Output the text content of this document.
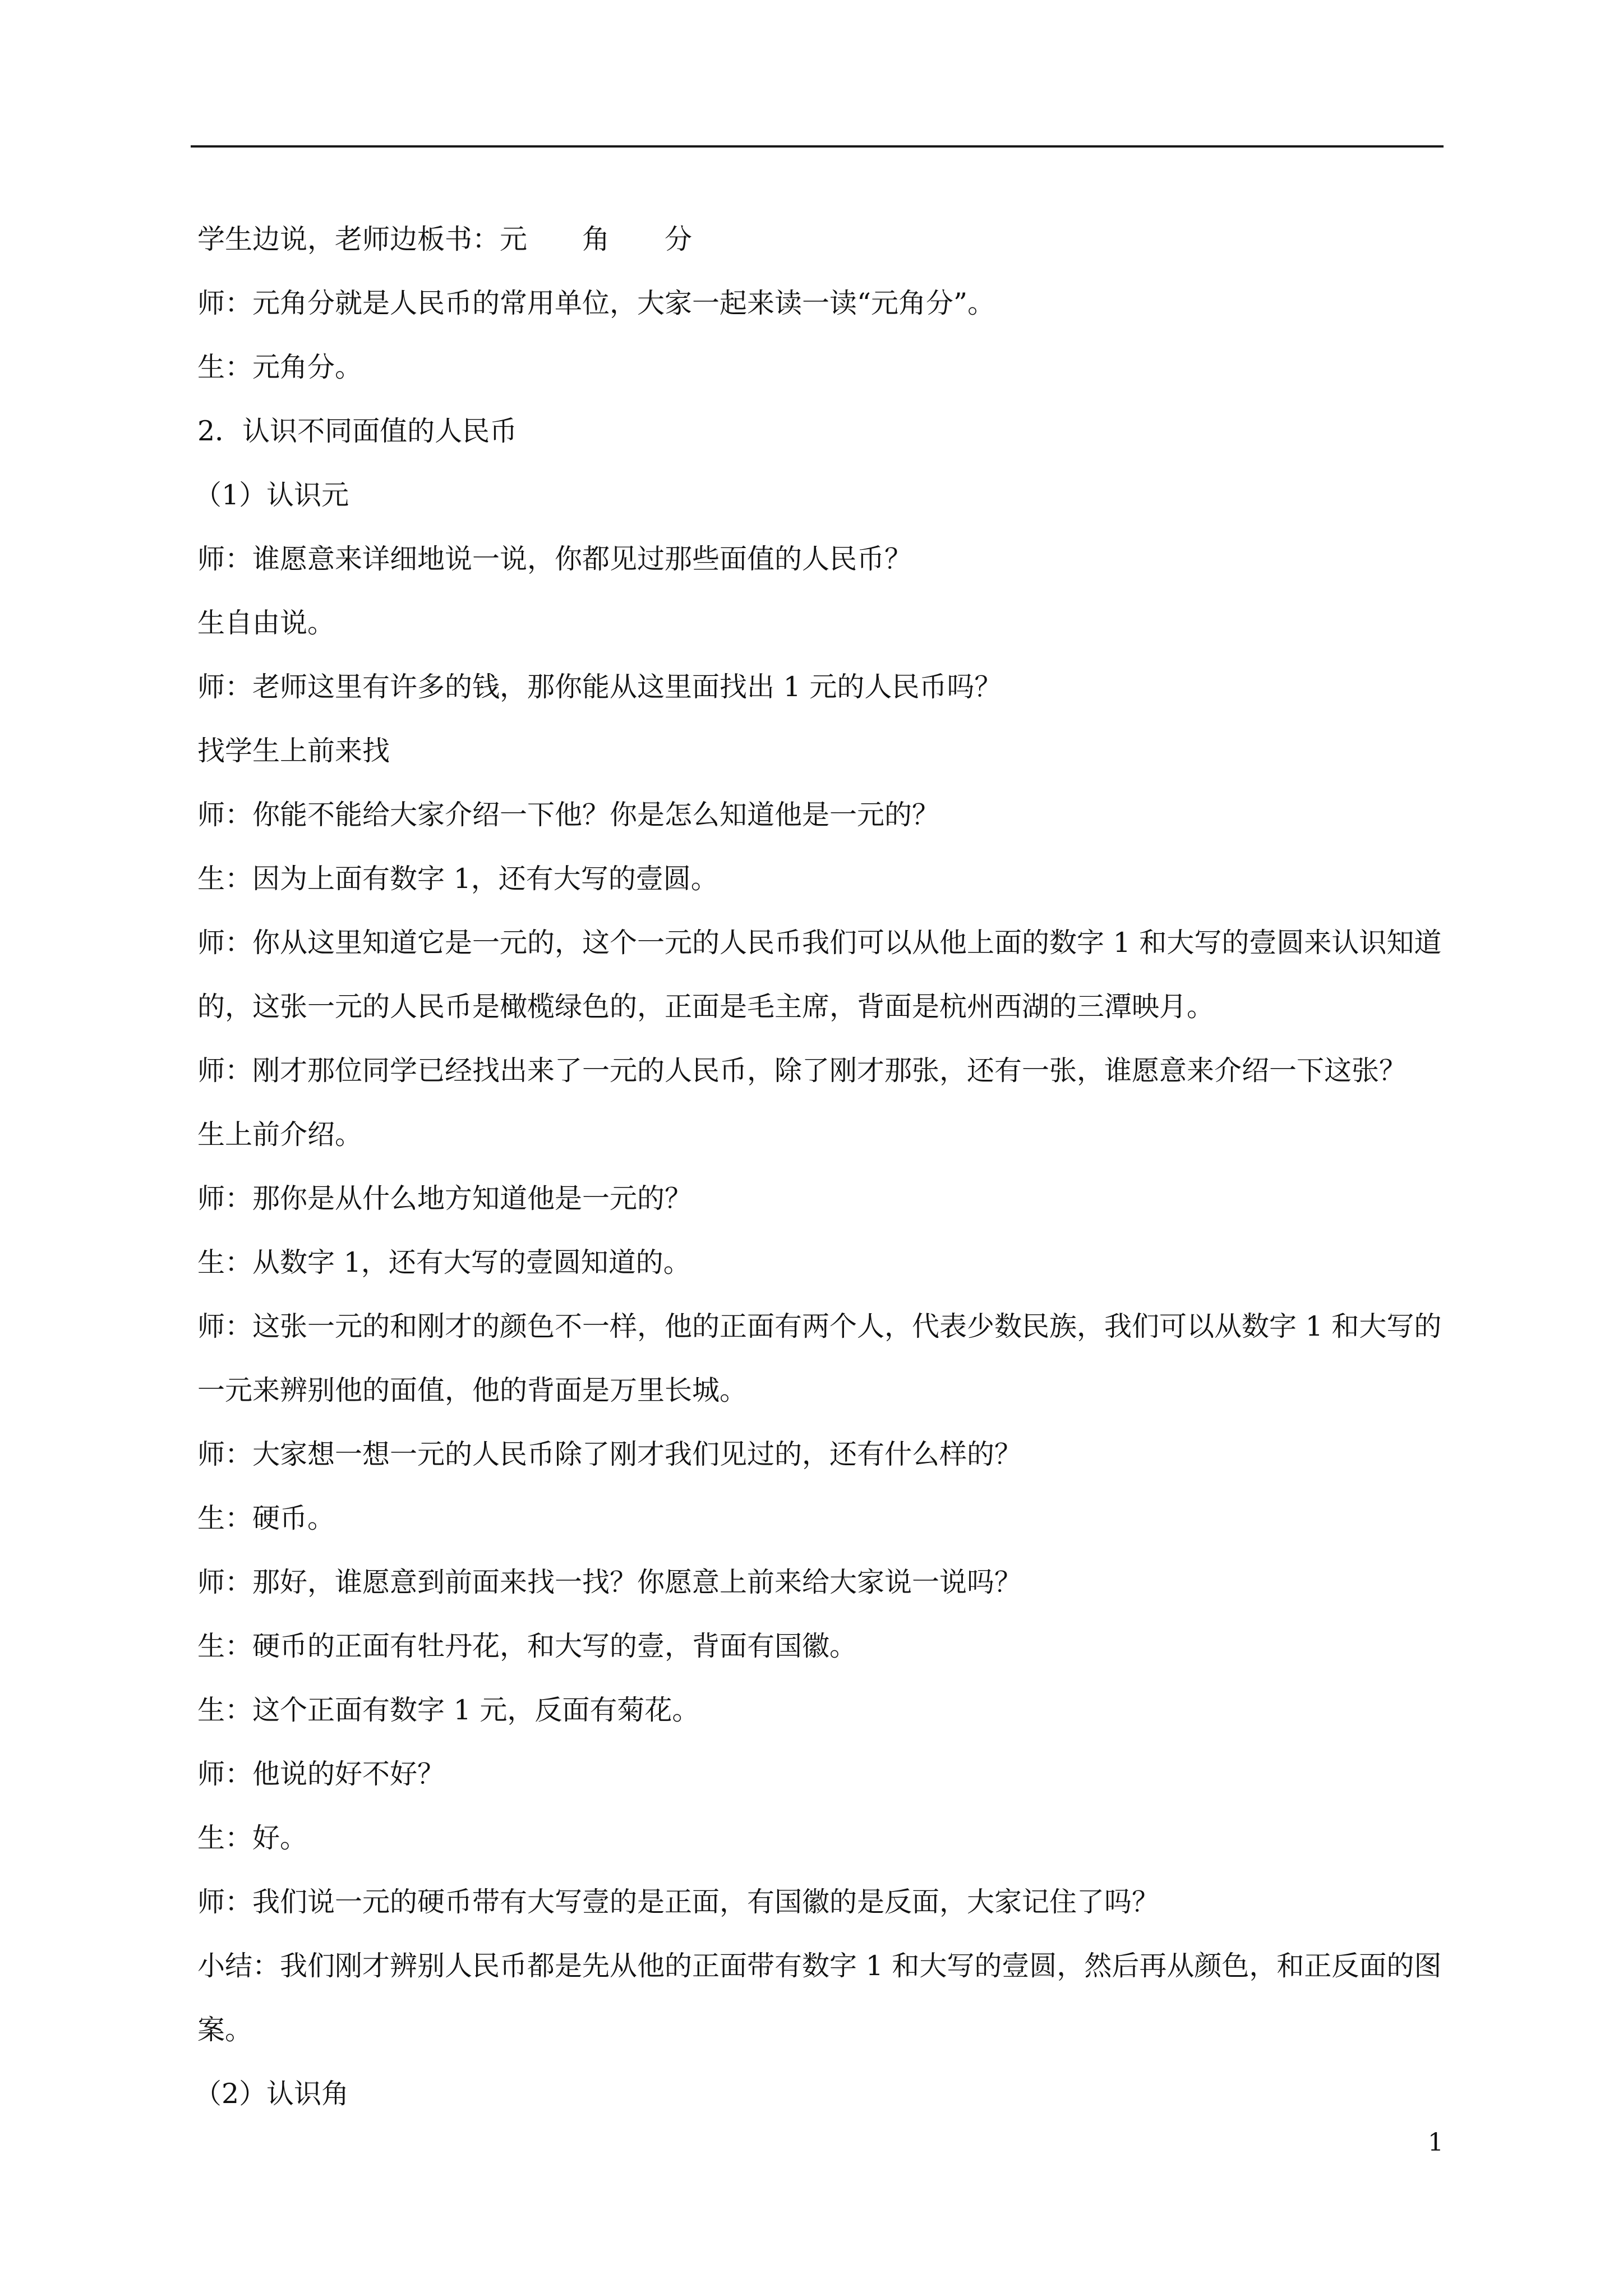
学生边说，老师边板书：元　　角　　分

师：元角分就是人民币的常用单位，大家一起来读一读“元角分”。

生：元角分。

2．认识不同面值的人民币

（1）认识元

师：谁愿意来详细地说一说，你都见过那些面值的人民币？

生自由说。

师：老师这里有许多的钱，那你能从这里面找出 1 元的人民币吗？

找学生上前来找

师：你能不能给大家介绍一下他？你是怎么知道他是一元的？

生：因为上面有数字 1，还有大写的壹圆。

师：你从这里知道它是一元的，这个一元的人民币我们可以从他上面的数字 1 和大写的壹圆来认识知道的，这张一元的人民币是橄榄绿色的，正面是毛主席，背面是杭州西湖的三潭映月。

师：刚才那位同学已经找出来了一元的人民币，除了刚才那张，还有一张，谁愿意来介绍一下这张？

生上前介绍。

师：那你是从什么地方知道他是一元的？

生：从数字 1，还有大写的壹圆知道的。

师：这张一元的和刚才的颜色不一样，他的正面有两个人，代表少数民族，我们可以从数字 1 和大写的一元来辨别他的面值，他的背面是万里长城。

师：大家想一想一元的人民币除了刚才我们见过的，还有什么样的？

生：硬币。

师：那好，谁愿意到前面来找一找？你愿意上前来给大家说一说吗？

生：硬币的正面有牡丹花，和大写的壹，背面有国徽。

生：这个正面有数字 1 元，反面有菊花。

师：他说的好不好？

生：好。

师：我们说一元的硬币带有大写壹的是正面，有国徽的是反面，大家记住了吗？

小结：我们刚才辨别人民币都是先从他的正面带有数字 1 和大写的壹圆，然后再从颜色，和正反面的图案。

（2）认识角

1
